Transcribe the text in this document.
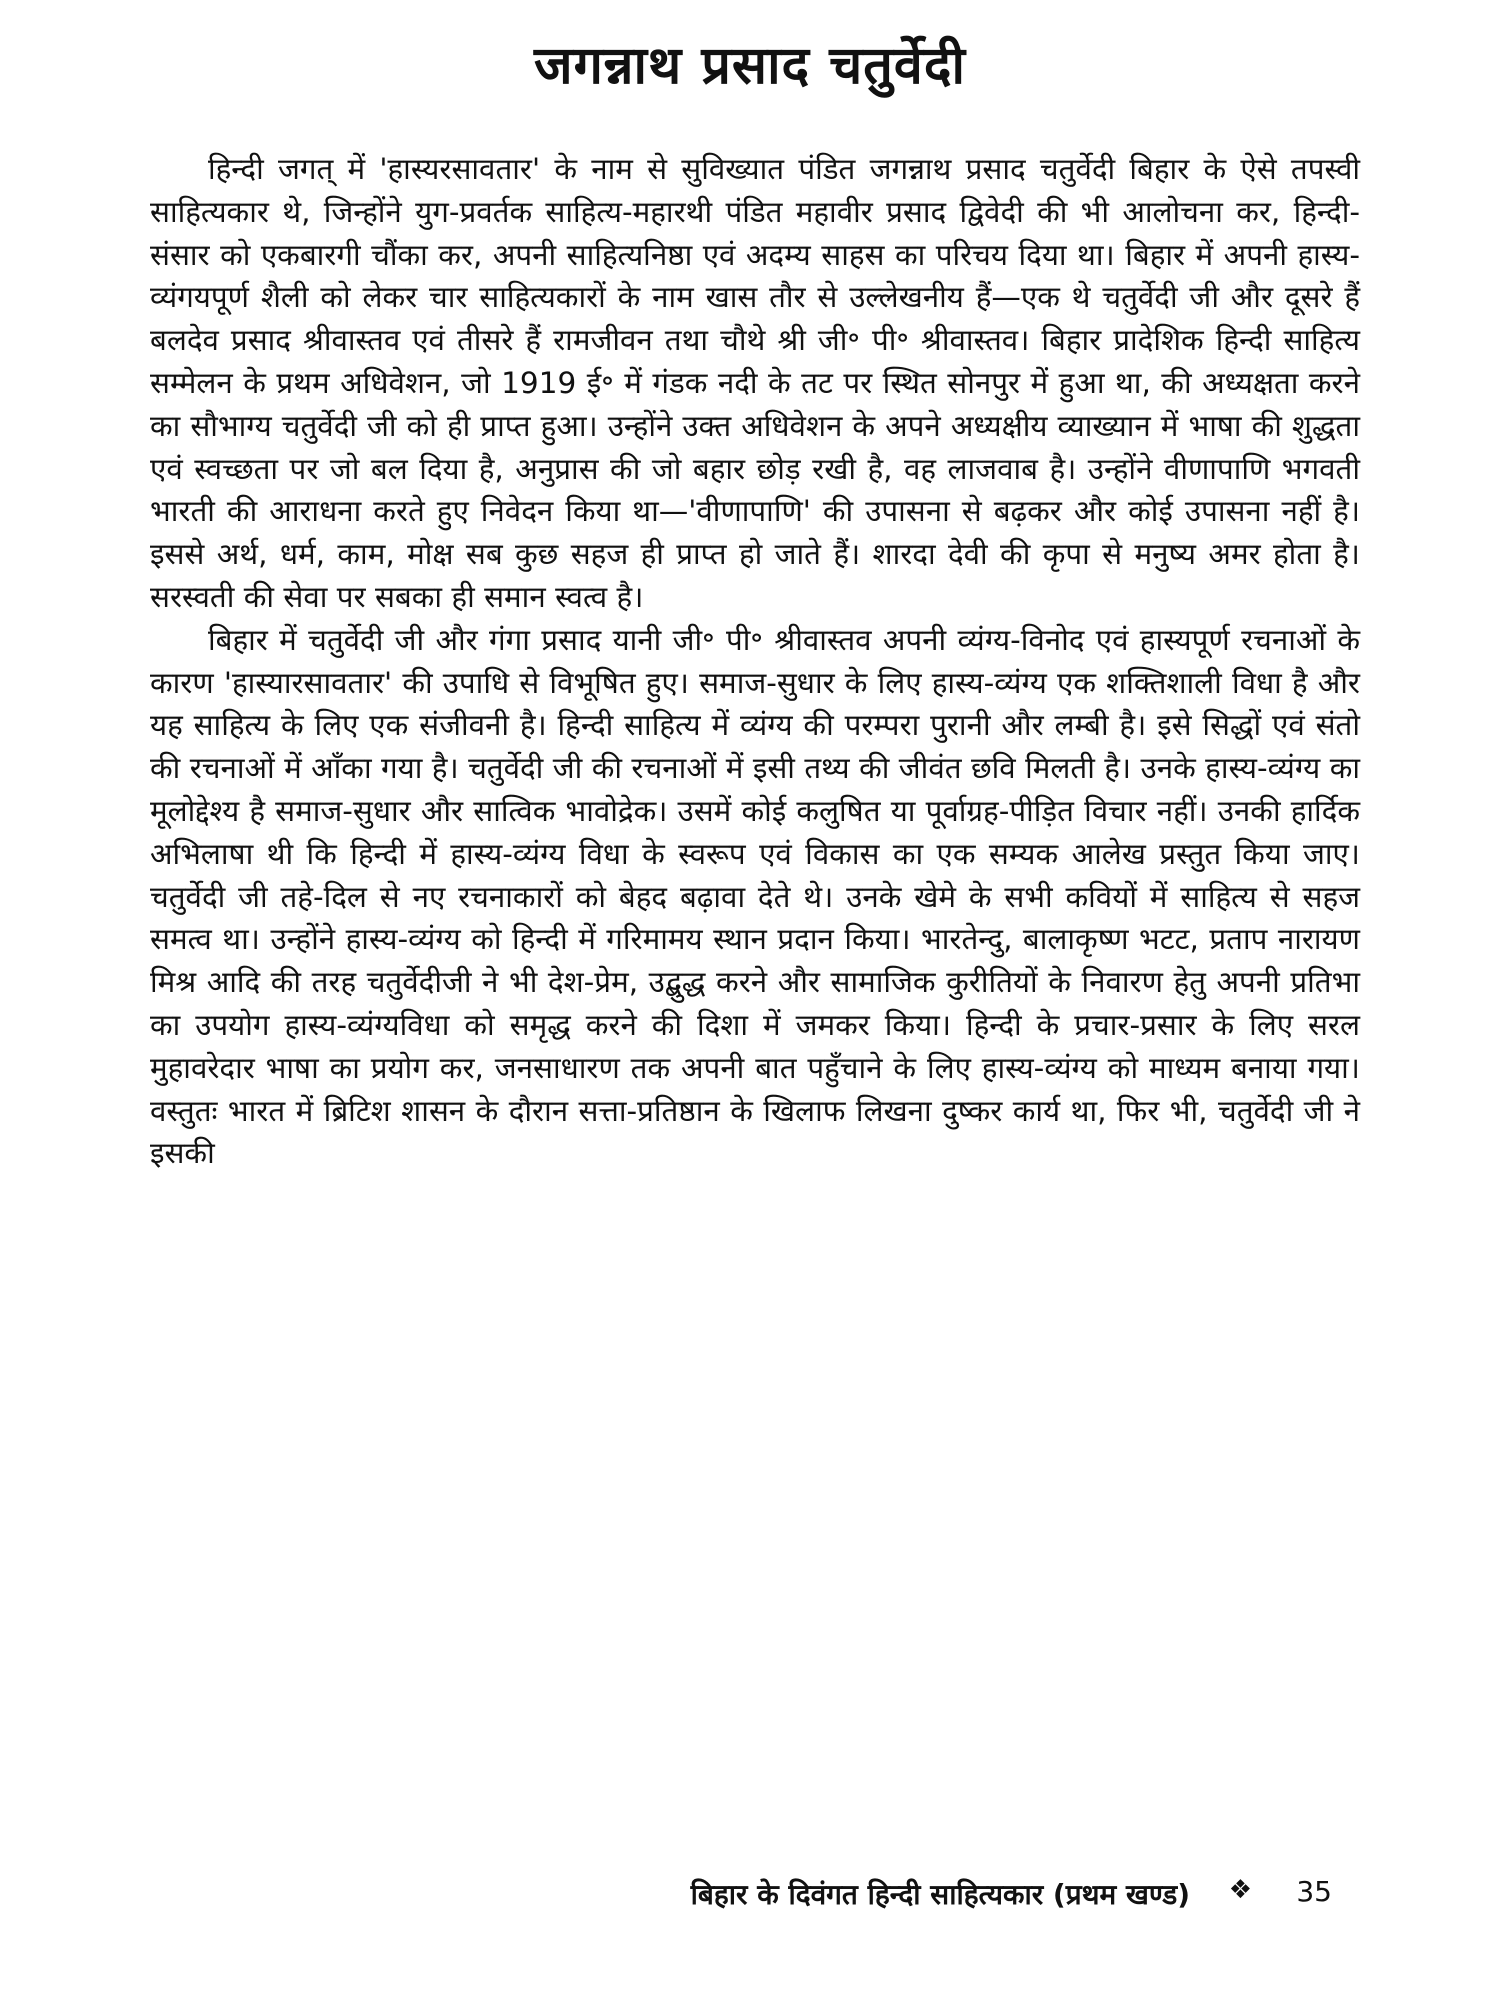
जगन्नाथ प्रसाद चतुर्वेदी

हिन्दी जगत् में 'हास्यरसावतार' के नाम से सुविख्यात पंडित जगन्नाथ प्रसाद चतुर्वेदी बिहार के ऐसे तपस्वी साहित्यकार थे, जिन्होंने युग-प्रवर्तक साहित्य-महारथी पंडित महावीर प्रसाद द्विवेदी की भी आलोचना कर, हिन्दी-संसार को एकबारगी चौंका कर, अपनी साहित्यनिष्ठा एवं अदम्य साहस का परिचय दिया था। बिहार में अपनी हास्य-व्यंगयपूर्ण शैली को लेकर चार साहित्यकारों के नाम खास तौर से उल्लेखनीय हैं—एक थे चतुर्वेदी जी और दूसरे हैं बलदेव प्रसाद श्रीवास्तव एवं तीसरे हैं रामजीवन तथा चौथे श्री जी॰ पी॰ श्रीवास्तव। बिहार प्रादेशिक हिन्दी साहित्य सम्मेलन के प्रथम अधिवेशन, जो 1919 ई॰ में गंडक नदी के तट पर स्थित सोनपुर में हुआ था, की अध्यक्षता करने का सौभाग्य चतुर्वेदी जी को ही प्राप्त हुआ। उन्होंने उक्त अधिवेशन के अपने अध्यक्षीय व्याख्यान में भाषा की शुद्धता एवं स्वच्छता पर जो बल दिया है, अनुप्रास की जो बहार छोड़ रखी है, वह लाजवाब है। उन्होंने वीणापाणि भगवती भारती की आराधना करते हुए निवेदन किया था—'वीणापाणि' की उपासना से बढ़कर और कोई उपासना नहीं है। इससे अर्थ, धर्म, काम, मोक्ष सब कुछ सहज ही प्राप्त हो जाते हैं। शारदा देवी की कृपा से मनुष्य अमर होता है। सरस्वती की सेवा पर सबका ही समान स्वत्व है।

बिहार में चतुर्वेदी जी और गंगा प्रसाद यानी जी॰ पी॰ श्रीवास्तव अपनी व्यंग्य-विनोद एवं हास्यपूर्ण रचनाओं के कारण 'हास्यारसावतार' की उपाधि से विभूषित हुए। समाज-सुधार के लिए हास्य-व्यंग्य एक शक्तिशाली विधा है और यह साहित्य के लिए एक संजीवनी है। हिन्दी साहित्य में व्यंग्य की परम्परा पुरानी और लम्बी है। इसे सिद्धों एवं संतो की रचनाओं में आँका गया है। चतुर्वेदी जी की रचनाओं में इसी तथ्य की जीवंत छवि मिलती है। उनके हास्य-व्यंग्य का मूलोद्देश्य है समाज-सुधार और सात्विक भावोद्रेक। उसमें कोई कलुषित या पूर्वाग्रह-पीड़ित विचार नहीं। उनकी हार्दिक अभिलाषा थी कि हिन्दी में हास्य-व्यंग्य विधा के स्वरूप एवं विकास का एक सम्यक आलेख प्रस्तुत किया जाए। चतुर्वेदी जी तहे-दिल से नए रचनाकारों को बेहद बढ़ावा देते थे। उनके खेमे के सभी कवियों में साहित्य से सहज समत्व था। उन्होंने हास्य-व्यंग्य को हिन्दी में गरिमामय स्थान प्रदान किया। भारतेन्दु, बालाकृष्ण भटट, प्रताप नारायण मिश्र आदि की तरह चतुर्वेदीजी ने भी देश-प्रेम, उद्बुद्ध करने और सामाजिक कुरीतियों के निवारण हेतु अपनी प्रतिभा का उपयोग हास्य-व्यंग्यविधा को समृद्ध करने की दिशा में जमकर किया। हिन्दी के प्रचार-प्रसार के लिए सरल मुहावरेदार भाषा का प्रयोग कर, जनसाधारण तक अपनी बात पहुँचाने के लिए हास्य-व्यंग्य को माध्यम बनाया गया। वस्तुतः भारत में ब्रिटिश शासन के दौरान सत्ता-प्रतिष्ठान के खिलाफ लिखना दुष्कर कार्य था, फिर भी, चतुर्वेदी जी ने इसकी

बिहार के दिवंगत हिन्दी साहित्यकार (प्रथम खण्ड) ❖ 35
